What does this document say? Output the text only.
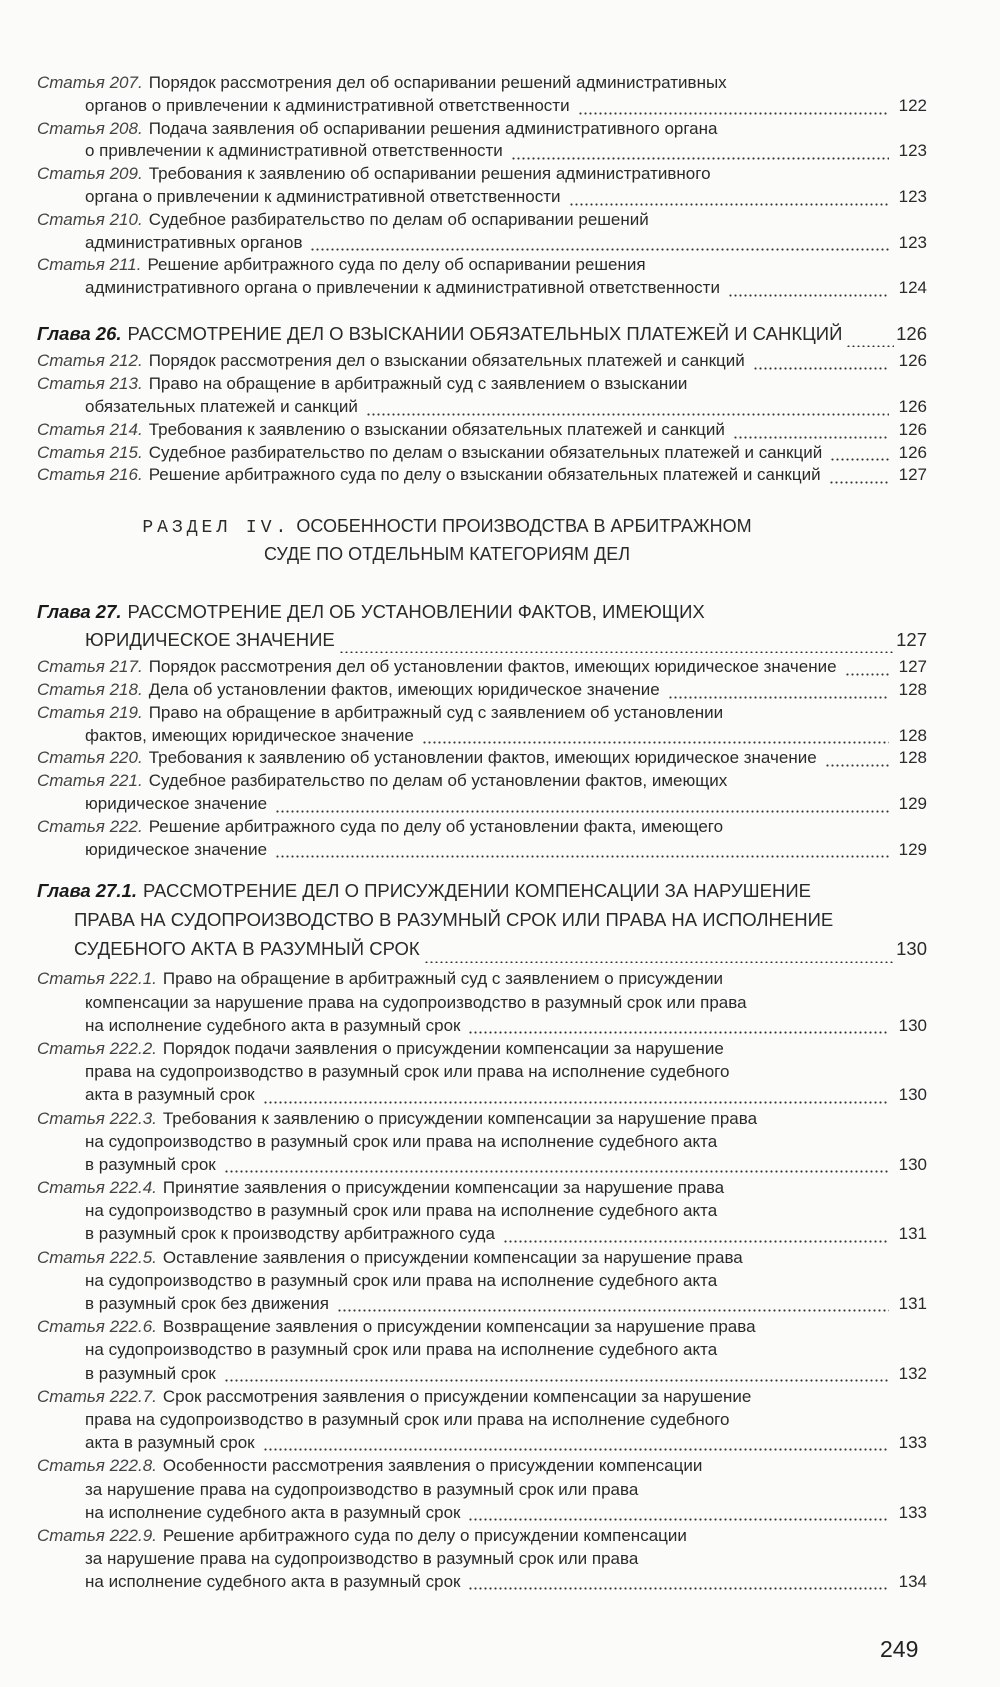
Статья 207. Порядок рассмотрения дел об оспаривании решений административных
органов о привлечении к административной ответственности	122
Статья 208. Подача заявления об оспаривании решения административного органа
о привлечении к административной ответственности	123
Статья 209. Требования к заявлению об оспаривании решения административного
органа о привлечении к административной ответственности	123
Статья 210. Судебное разбирательство по делам об оспаривании решений
административных органов	123
Статья 211. Решение арбитражного суда по делу об оспаривании решения
административного органа о привлечении к административной ответственности	124
Глава 26. РАССМОТРЕНИЕ ДЕЛ О ВЗЫСКАНИИ ОБЯЗАТЕЛЬНЫХ ПЛАТЕЖЕЙ И САНКЦИЙ	126
Статья 212. Порядок рассмотрения дел о взыскании обязательных платежей и санкций	126
Статья 213. Право на обращение в арбитражный суд с заявлением о взыскании
обязательных платежей и санкций	126
Статья 214. Требования к заявлению о взыскании обязательных платежей и санкций	126
Статья 215. Судебное разбирательство по делам о взыскании обязательных платежей и санкций	126
Статья 216. Решение арбитражного суда по делу о взыскании обязательных платежей и санкций	127
РАЗДЕЛ IV. ОСОБЕННОСТИ ПРОИЗВОДСТВА В АРБИТРАЖНОМ
СУДЕ ПО ОТДЕЛЬНЫМ КАТЕГОРИЯМ ДЕЛ
Глава 27. РАССМОТРЕНИЕ ДЕЛ ОБ УСТАНОВЛЕНИИ ФАКТОВ, ИМЕЮЩИХ
ЮРИДИЧЕСКОЕ ЗНАЧЕНИЕ	127
Статья 217. Порядок рассмотрения дел об установлении фактов, имеющих юридическое значение	127
Статья 218. Дела об установлении фактов, имеющих юридическое значение	128
Статья 219. Право на обращение в арбитражный суд с заявлением об установлении
фактов, имеющих юридическое значение	128
Статья 220. Требования к заявлению об установлении фактов, имеющих юридическое значение	128
Статья 221. Судебное разбирательство по делам об установлении фактов, имеющих
юридическое значение	129
Статья 222. Решение арбитражного суда по делу об установлении факта, имеющего
юридическое значение	129
Глава 27.1. РАССМОТРЕНИЕ ДЕЛ О ПРИСУЖДЕНИИ КОМПЕНСАЦИИ ЗА НАРУШЕНИЕ
ПРАВА НА СУДОПРОИЗВОДСТВО В РАЗУМНЫЙ СРОК ИЛИ ПРАВА НА ИСПОЛНЕНИЕ
СУДЕБНОГО АКТА В РАЗУМНЫЙ СРОК	130
Статья 222.1. Право на обращение в арбитражный суд с заявлением о присуждении
компенсации за нарушение права на судопроизводство в разумный срок или права
на исполнение судебного акта в разумный срок	130
Статья 222.2. Порядок подачи заявления о присуждении компенсации за нарушение
права на судопроизводство в разумный срок или права на исполнение судебного
акта в разумный срок	130
Статья 222.3. Требования к заявлению о присуждении компенсации за нарушение права
на судопроизводство в разумный срок или права на исполнение судебного акта
в разумный срок	130
Статья 222.4. Принятие заявления о присуждении компенсации за нарушение права
на судопроизводство в разумный срок или права на исполнение судебного акта
в разумный срок к производству арбитражного суда	131
Статья 222.5. Оставление заявления о присуждении компенсации за нарушение права
на судопроизводство в разумный срок или права на исполнение судебного акта
в разумный срок без движения	131
Статья 222.6. Возвращение заявления о присуждении компенсации за нарушение права
на судопроизводство в разумный срок или права на исполнение судебного акта
в разумный срок	132
Статья 222.7. Срок рассмотрения заявления о присуждении компенсации за нарушение
права на судопроизводство в разумный срок или права на исполнение судебного
акта в разумный срок	133
Статья 222.8. Особенности рассмотрения заявления о присуждении компенсации
за нарушение права на судопроизводство в разумный срок или права
на исполнение судебного акта в разумный срок	133
Статья 222.9. Решение арбитражного суда по делу о присуждении компенсации
за нарушение права на судопроизводство в разумный срок или права
на исполнение судебного акта в разумный срок	134
249
